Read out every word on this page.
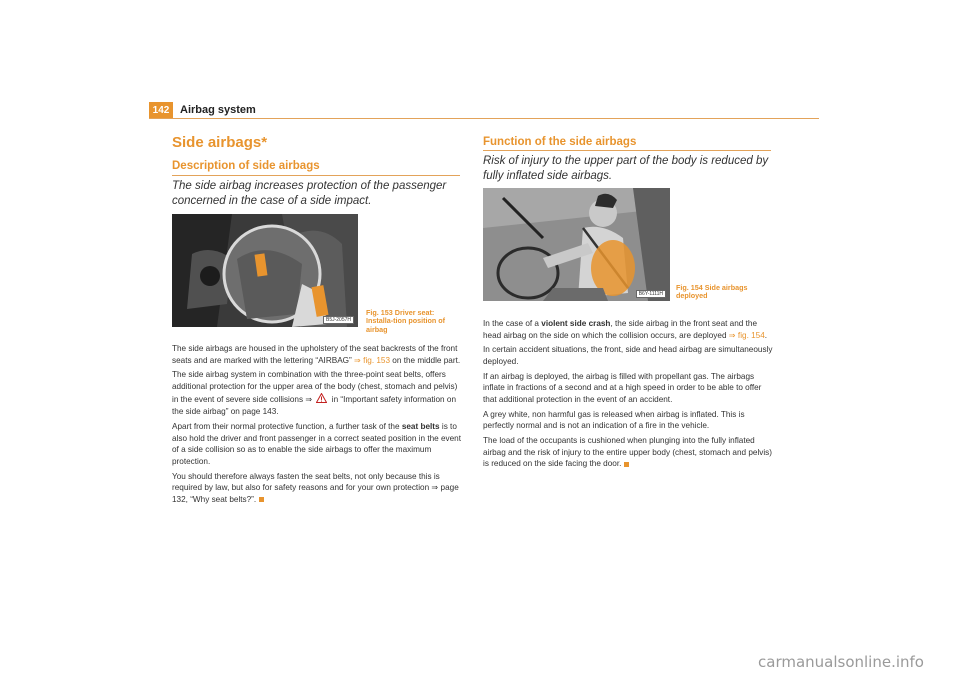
142 Airbag system
Side airbags*
Description of side airbags
The side airbag increases protection of the passenger concerned in the case of a side impact.
B5J-2057H
Fig. 153 Driver seat: Installa-tion position of airbag

The side airbags are housed in the upholstery of the seat backrests of the front seats and are marked with the lettering “AIRBAG” ⇒ fig. 153 on the middle part.

The side airbag system in combination with the three-point seat belts, offers additional protection for the upper area of the body (chest, stomach and pelvis) in the event of severe side collisions ⇒  in “Important safety information on the side airbag” on page 143.

Apart from their normal protective function, a further task of the seat belts is to also hold the driver and front passenger in a correct seated position in the event of a side collision so as to enable the side airbags to offer the maximum protection.

You should therefore always fasten the seat belts, not only because this is required by law, but also for safety reasons and for your own protection ⇒ page 132, “Why seat belts?”.

Function of the side airbags
Risk of injury to the upper part of the body is reduced by fully inflated side airbags.
B6Y-1111H
Fig. 154 Side airbags deployed

In the case of a violent side crash, the side airbag in the front seat and the head airbag on the side on which the collision occurs, are deployed ⇒ fig. 154.

In certain accident situations, the front, side and head airbag are simultaneously deployed.

If an airbag is deployed, the airbag is filled with propellant gas. The airbags inflate in fractions of a second and at a high speed in order to be able to offer that additional protection in the event of an accident.

A grey white, non harmful gas is released when airbag is inflated. This is perfectly normal and is not an indication of a fire in the vehicle.

The load of the occupants is cushioned when plunging into the fully inflated airbag and the risk of injury to the entire upper body (chest, stomach and pelvis) is reduced on the side facing the door.

carmanualsonline.info
